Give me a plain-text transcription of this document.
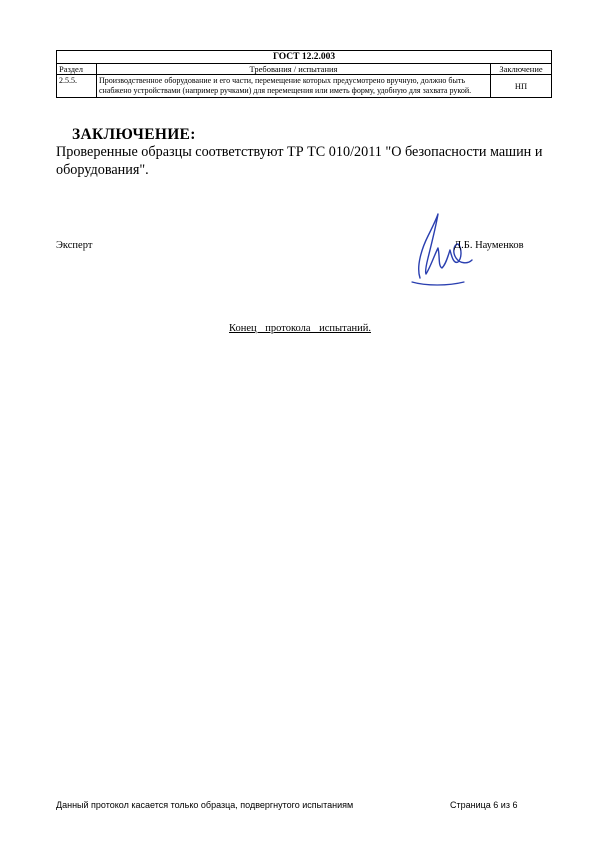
ГОСТ 12.2.003		
Раздел	Требования / испытания	Заключение
2.5.5.	Производственное оборудование и его части, перемещение которых предусмотрено вручную, должно быть снабжено устройствами (например ручками) для перемещения или иметь форму, удобную для захвата рукой.	НП
ЗАКЛЮЧЕНИЕ:
Проверенные образцы соответствуют ТР ТС 010/2011 "О безопасности машин и оборудования".
Эксперт	Д.Б. Науменков
Конец протокола испытаний.
Данный протокол касается только образца, подвергнутого испытаниям	Страница 6 из 6
